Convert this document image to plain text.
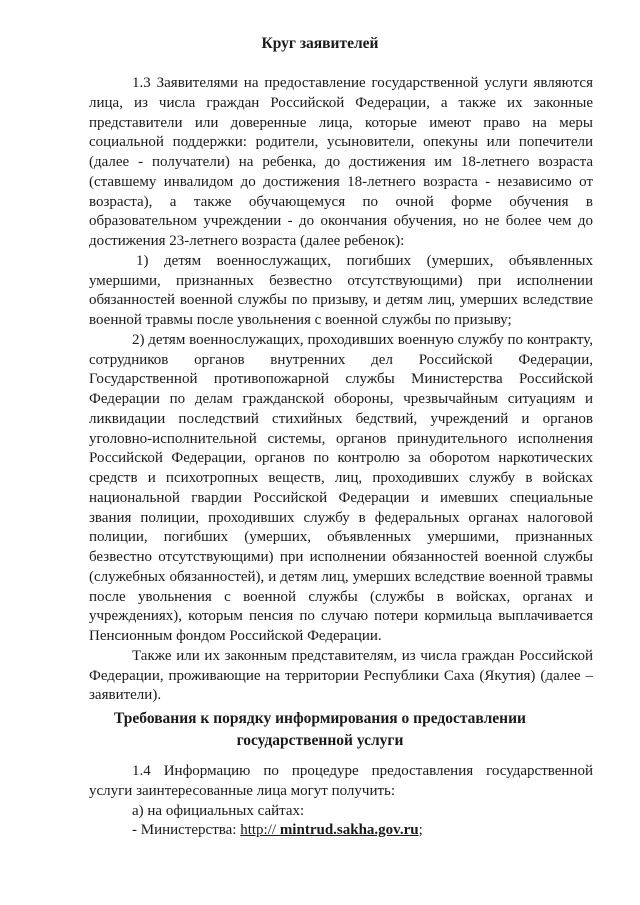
Круг заявителей

1.3 Заявителями на предоставление государственной услуги являются лица, из числа граждан Российской Федерации, а также их законные представители или доверенные лица, которые имеют право на меры социальной поддержки: родители, усыновители, опекуны или попечители (далее - получатели) на ребенка, до достижения им 18-летнего возраста (ставшему инвалидом до достижения 18-летнего возраста - независимо от возраста), а также обучающемуся по очной форме обучения в образовательном учреждении - до окончания обучения, но не более чем до достижения 23-летнего возраста (далее ребенок):

1) детям военнослужащих, погибших (умерших, объявленных умершими, признанных безвестно отсутствующими) при исполнении обязанностей военной службы по призыву, и детям лиц, умерших вследствие военной травмы после увольнения с военной службы по призыву;

2) детям военнослужащих, проходивших военную службу по контракту, сотрудников органов внутренних дел Российской Федерации, Государственной противопожарной службы Министерства Российской Федерации по делам гражданской обороны, чрезвычайным ситуациям и ликвидации последствий стихийных бедствий, учреждений и органов уголовно-исполнительной системы, органов принудительного исполнения Российской Федерации, органов по контролю за оборотом наркотических средств и психотропных веществ, лиц, проходивших службу в войсках национальной гвардии Российской Федерации и имевших специальные звания полиции, проходивших службу в федеральных органах налоговой полиции, погибших (умерших, объявленных умершими, признанных безвестно отсутствующими) при исполнении обязанностей военной службы (служебных обязанностей), и детям лиц, умерших вследствие военной травмы после увольнения с военной службы (службы в войсках, органах и учреждениях), которым пенсия по случаю потери кормильца выплачивается Пенсионным фондом Российской Федерации.

Также или их законным представителям, из числа граждан Российской Федерации, проживающие на территории Республики Саха (Якутия) (далее – заявители).

Требования к порядку информирования о предоставлении
государственной услуги

1.4 Информацию по процедуре предоставления государственной услуги заинтересованные лица могут получить:

а) на официальных сайтах:

- Министерства: http:// mintrud.sakha.gov.ru;
